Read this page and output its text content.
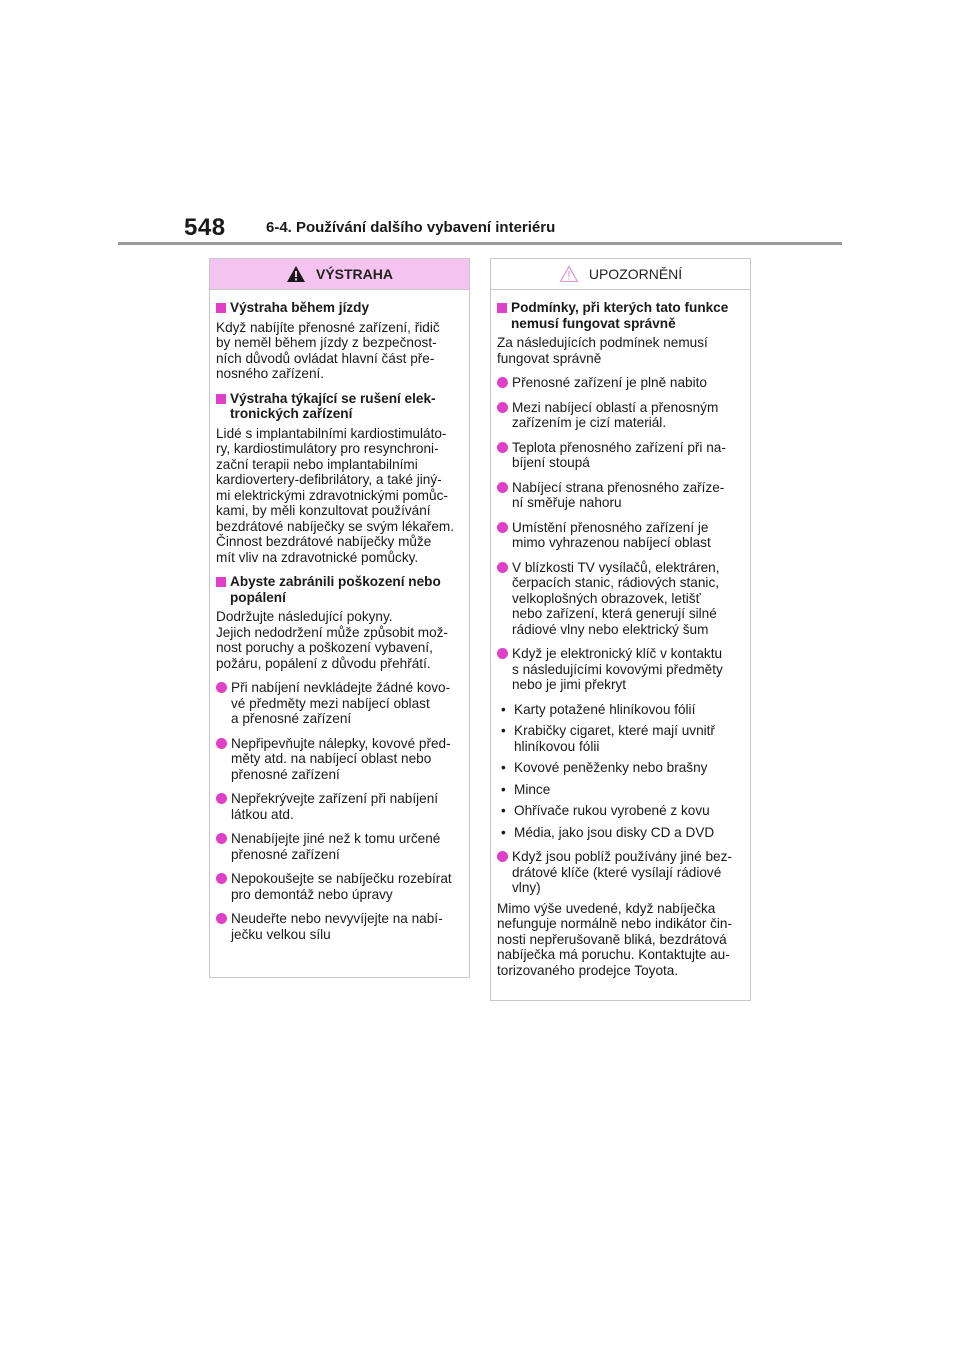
548	6-4. Používání dalšího vybavení interiéru
VÝSTRAHA
Výstraha během jízdy
Když nabíjíte přenosné zařízení, řidič
by neměl během jízdy z bezpečnost-
ních důvodů ovládat hlavní část pře-
nosného zařízení.
Výstraha týkající se rušení elek-
tronických zařízení
Lidé s implantabilními kardiostimuláto-
ry, kardiostimulátory pro resynchroni-
zační terapii nebo implantabilními
kardiovertery-defibrilátory, a také jiný-
mi elektrickými zdravotnickými pomůc-
kami, by měli konzultovat používání
bezdrátové nabíječky se svým lékařem.
Činnost bezdrátové nabíječky může
mít vliv na zdravotnické pomůcky.
Abyste zabránili poškození nebo
popálení
Dodržujte následující pokyny.
Jejich nedodržení může způsobit mož-
nost poruchy a poškození vybavení,
požáru, popálení z důvodu přehřátí.
Při nabíjení nevkládejte žádné kovo-
vé předměty mezi nabíjecí oblast
a přenosné zařízení
Nepřipevňujte nálepky, kovové před-
měty atd. na nabíjecí oblast nebo
přenosné zařízení
Nepřekrývejte zařízení při nabíjení
látkou atd.
Nenabíjejte jiné než k tomu určené
přenosné zařízení
Nepokoušejte se nabíječku rozebírat
pro demontáž nebo úpravy
Neudeřte nebo nevyvíjejte na nabí-
ječku velkou sílu
UPOZORNĚNÍ
Podmínky, při kterých tato funkce
nemusí fungovat správně
Za následujících podmínek nemusí
fungovat správně
Přenosné zařízení je plně nabito
Mezi nabíjecí oblastí a přenosným
zařízením je cizí materiál.
Teplota přenosného zařízení při na-
bíjení stoupá
Nabíjecí strana přenosného zaříze-
ní směřuje nahoru
Umístění přenosného zařízení je
mimo vyhrazenou nabíjecí oblast
V blízkosti TV vysílačů, elektráren,
čerpacích stanic, rádiových stanic,
velkoplošných obrazovek, letišť
nebo zařízení, která generují silné
rádiové vlny nebo elektrický šum
Když je elektronický klíč v kontaktu
s následujícími kovovými předměty
nebo je jimi překryt
• Karty potažené hliníkovou fólií
• Krabičky cigaret, které mají uvnitř
hliníkovou fólii
• Kovové peněženky nebo brašny
• Mince
• Ohřívače rukou vyrobené z kovu
• Média, jako jsou disky CD a DVD
Když jsou poblíž používány jiné bez-
drátové klíče (které vysílají rádiové
vlny)
Mimo výše uvedené, když nabíječka
nefunguje normálně nebo indikátor čin-
nosti nepřerušovaně bliká, bezdrátová
nabíječka má poruchu. Kontaktujte au-
torizovaného prodejce Toyota.
